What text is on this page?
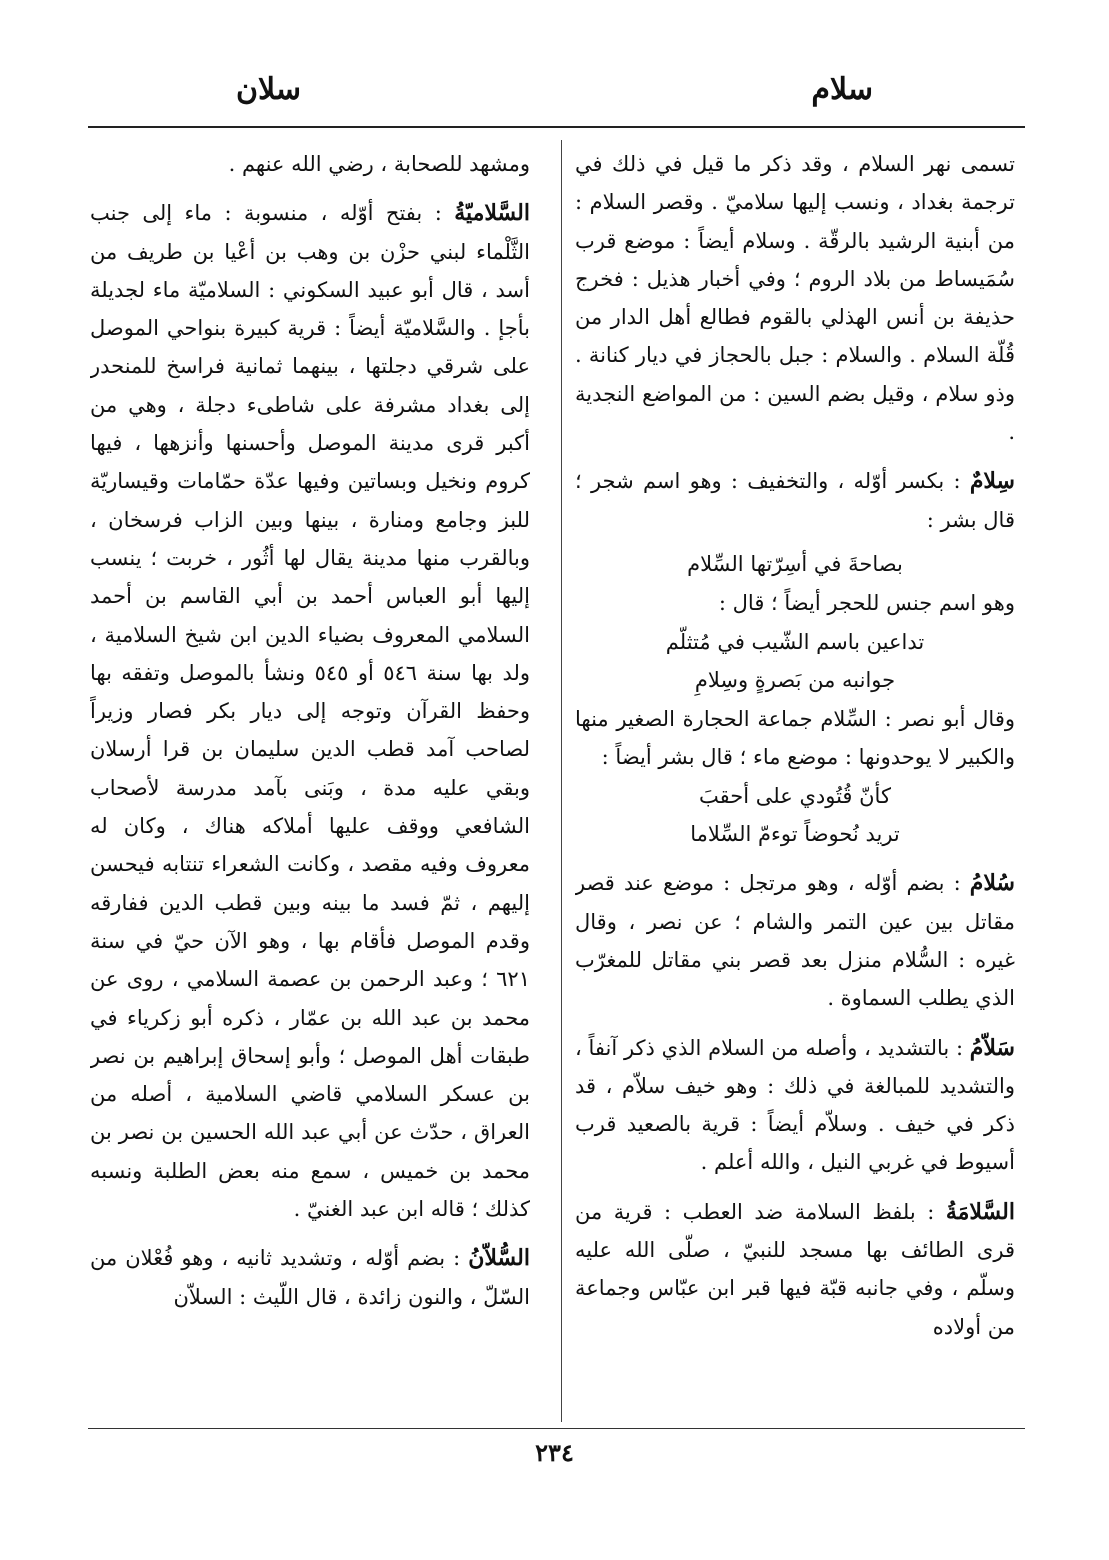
سلام
سلان

تسمى نهر السلام ، وقد ذكر ما قيل في ذلك في ترجمة بغداد ، ونسب إليها سلاميّ . وقصر السلام : من أبنية الرشيد بالرقّة . وسلام أيضاً : موضع قرب سُمَيساط من بلاد الروم ؛ وفي أخبار هذيل : فخرج حذيفة بن أنس الهذلي بالقوم فطالع أهل الدار من قُلّة السلام . والسلام : جبل بالحجاز في ديار كنانة . وذو سلام ، وقيل بضم السين : من المواضع النجدية .

سِلامٌ : بكسر أوّله ، والتخفيف : وهو اسم شجر ؛ قال بشر :

بصاحةَ في أسِرّتها السِّلام

وهو اسم جنس للحجر أيضاً ؛ قال :

تداعين باسم الشّيب في مُتثلّم
جوانبه من بَصرةٍ وسِلامِ

وقال أبو نصر : السِّلام جماعة الحجارة الصغير منها والكبير لا يوحدونها : موضع ماء ؛ قال بشر أيضاً :

كأنّ قُتُودي على أحقبَ
تريد نُحوضاً توءمّ السِّلاما

سُلامُ : بضم أوّله ، وهو مرتجل : موضع عند قصر مقاتل بين عين التمر والشام ؛ عن نصر ، وقال غيره : السُّلام منزل بعد قصر بني مقاتل للمغرّب الذي يطلب السماوة .

سَلاّمُ : بالتشديد ، وأصله من السلام الذي ذكر آنفاً ، والتشديد للمبالغة في ذلك : وهو خيف سلاّم ، قد ذكر في خيف . وسلاّم أيضاً : قرية بالصعيد قرب أسيوط في غربي النيل ، والله أعلم .

السَّلامَةُ : بلفظ السلامة ضد العطب : قرية من قرى الطائف بها مسجد للنبيّ ، صلّى الله عليه وسلّم ، وفي جانبه قبّة فيها قبر ابن عبّاس وجماعة من أولاده

ومشهد للصحابة ، رضي الله عنهم .

السَّلاميّةُ : بفتح أوّله ، منسوبة : ماء إلى جنب الثَّلْماء لبني حزْن بن وهب بن أعْيا بن طريف من أسد ، قال أبو عبيد السكوني : السلاميّة ماء لجديلة بأجإ . والسَّلاميّة أيضاً : قرية كبيرة بنواحي الموصل على شرقي دجلتها ، بينهما ثمانية فراسخ للمنحدر إلى بغداد مشرفة على شاطىء دجلة ، وهي من أكبر قرى مدينة الموصل وأحسنها وأنزهها ، فيها كروم ونخيل وبساتين وفيها عدّة حمّامات وقيساريّة للبز وجامع ومنارة ، بينها وبين الزاب فرسخان ، وبالقرب منها مدينة يقال لها أثُور ، خربت ؛ ينسب إليها أبو العباس أحمد بن أبي القاسم بن أحمد السلامي المعروف بضياء الدين ابن شيخ السلامية ، ولد بها سنة ٥٤٦ أو ٥٤٥ ونشأ بالموصل وتفقه بها وحفظ القرآن وتوجه إلى ديار بكر فصار وزيراً لصاحب آمد قطب الدين سليمان بن قرا أرسلان وبقي عليه مدة ، وبَنى بآمد مدرسة لأصحاب الشافعي ووقف عليها أملاكه هناك ، وكان له معروف وفيه مقصد ، وكانت الشعراء تنتابه فيحسن إليهم ، ثمّ فسد ما بينه وبين قطب الدين ففارقه وقدم الموصل فأقام بها ، وهو الآن حيّ في سنة ٦٢١ ؛ وعبد الرحمن بن عصمة السلامي ، روى عن محمد بن عبد الله بن عمّار ، ذكره أبو زكرياء في طبقات أهل الموصل ؛ وأبو إسحاق إبراهيم بن نصر بن عسكر السلامي قاضي السلامية ، أصله من العراق ، حدّث عن أبي عبد الله الحسين بن نصر بن محمد بن خميس ، سمع منه بعض الطلبة ونسبه كذلك ؛ قاله ابن عبد الغنيّ .

السُّلاّنُ : بضم أوّله ، وتشديد ثانيه ، وهو فُعْلان من السّلّ ، والنون زائدة ، قال اللّيث : السلاّن

٢٣٤
